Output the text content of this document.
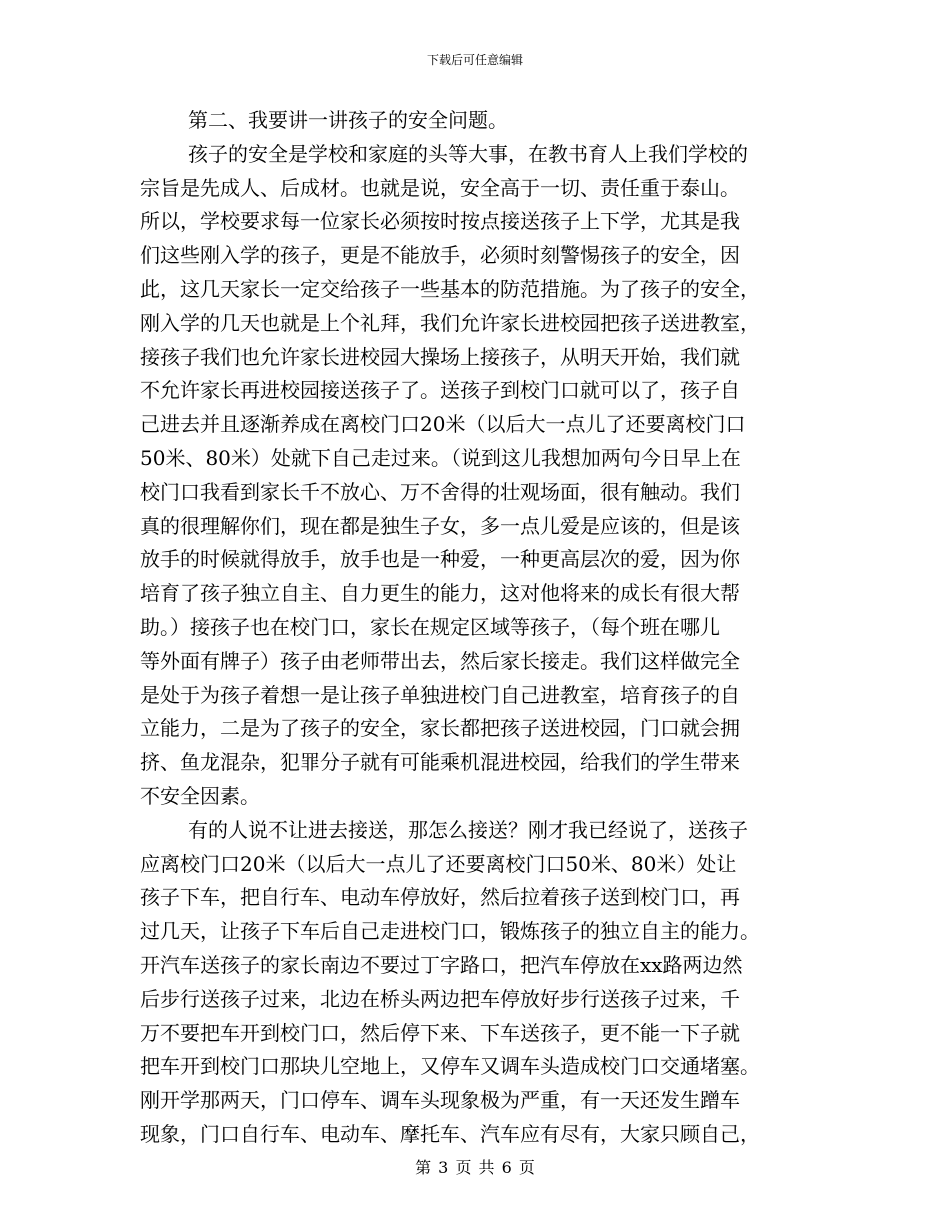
下载后可任意编辑
第二、我要讲一讲孩子的安全问题。
孩子的安全是学校和家庭的头等大事，在教书育人上我们学校的
宗旨是先成人、后成材。也就是说，安全高于一切、责任重于泰山。
所以，学校要求每一位家长必须按时按点接送孩子上下学，尤其是我
们这些刚入学的孩子，更是不能放手，必须时刻警惕孩子的安全，因
此，这几天家长一定交给孩子一些基本的防范措施。为了孩子的安全，
刚入学的几天也就是上个礼拜，我们允许家长进校园把孩子送进教室，
接孩子我们也允许家长进校园大操场上接孩子，从明天开始，我们就
不允许家长再进校园接送孩子了。送孩子到校门口就可以了，孩子自
己进去并且逐渐养成在离校门口20米（以后大一点儿了还要离校门口
50米、80米）处就下自己走过来。（说到这儿我想加两句今日早上在
校门口我看到家长千不放心、万不舍得的壮观场面，很有触动。我们
真的很理解你们，现在都是独生子女，多一点儿爱是应该的，但是该
放手的时候就得放手，放手也是一种爱，一种更高层次的爱，因为你
培育了孩子独立自主、自力更生的能力，这对他将来的成长有很大帮
助。）接孩子也在校门口，家长在规定区域等孩子，（每个班在哪儿
等外面有牌子）孩子由老师带出去，然后家长接走。我们这样做完全
是处于为孩子着想一是让孩子单独进校门自己进教室，培育孩子的自
立能力，二是为了孩子的安全，家长都把孩子送进校园，门口就会拥
挤、鱼龙混杂，犯罪分子就有可能乘机混进校园，给我们的学生带来
不安全因素。
有的人说不让进去接送，那怎么接送？刚才我已经说了，送孩子
应离校门口20米（以后大一点儿了还要离校门口50米、80米）处让
孩子下车，把自行车、电动车停放好，然后拉着孩子送到校门口，再
过几天，让孩子下车后自己走进校门口，锻炼孩子的独立自主的能力。
开汽车送孩子的家长南边不要过丁字路口，把汽车停放在xx路两边然
后步行送孩子过来，北边在桥头两边把车停放好步行送孩子过来，千
万不要把车开到校门口，然后停下来、下车送孩子，更不能一下子就
把车开到校门口那块儿空地上，又停车又调车头造成校门口交通堵塞。
刚开学那两天，门口停车、调车头现象极为严重，有一天还发生蹭车
现象，门口自行车、电动车、摩托车、汽车应有尽有，大家只顾自己，
第 3 页 共 6 页
